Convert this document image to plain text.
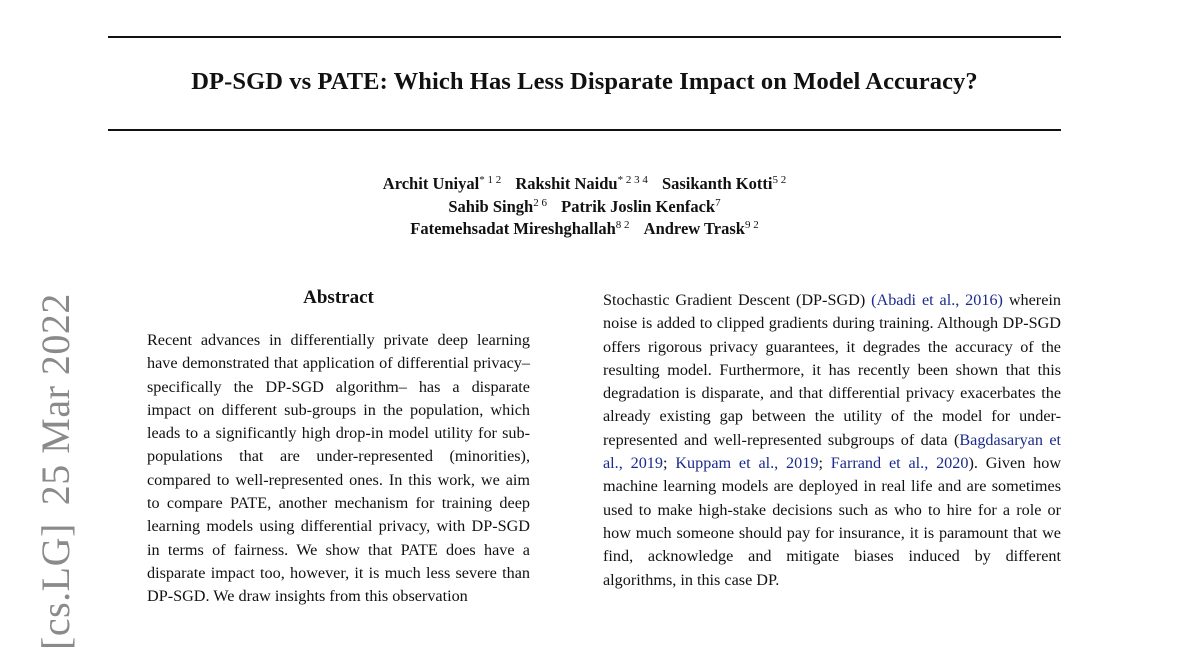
DP-SGD vs PATE: Which Has Less Disparate Impact on Model Accuracy?
Archit Uniyal$^{* 1 2}$ Rakshit Naidu$^{* 2 3 4}$ Sasikanth Kotti$^{5 2}$
Sahib Singh$^{2 6}$ Patrik Joslin Kenfack$^7$
Fatemehsadat Mireshghallah$^{8 2}$ Andrew Trask$^{9 2}$
[cs.LG]25 Mar 2022	Abstract
Recent advances in differentially private deep learning have demonstrated that application of differential privacy– specifically the DP-SGD algorithm– has a disparate impact on different sub-groups in the population, which leads to a significantly high drop-in model utility for sub-populations that are under-represented (minorities), compared to well-represented ones. In this work, we aim to compare PATE, another mechanism for training deep learning models using differential privacy, with DP-SGD in terms of fairness. We show that PATE does have a disparate impact too, however, it is much less severe than DP-SGD. We draw insights from this observation
Stochastic Gradient Descent (DP-SGD) (Abadi et al., 2016) wherein noise is added to clipped gradients during training. Although DP-SGD offers rigorous privacy guarantees, it degrades the accuracy of the resulting model. Furthermore, it has recently been shown that this degradation is disparate, and that differential privacy exacerbates the already existing gap between the utility of the model for under-represented and well-represented subgroups of data (Bagdasaryan et al., 2019; Kuppam et al., 2019; Farrand et al., 2020). Given how machine learning models are deployed in real life and are sometimes used to make high-stake decisions such as who to hire for a role or how much someone should pay for insurance, it is paramount that we find, acknowledge and mitigate biases induced by different algorithms, in this case DP.
